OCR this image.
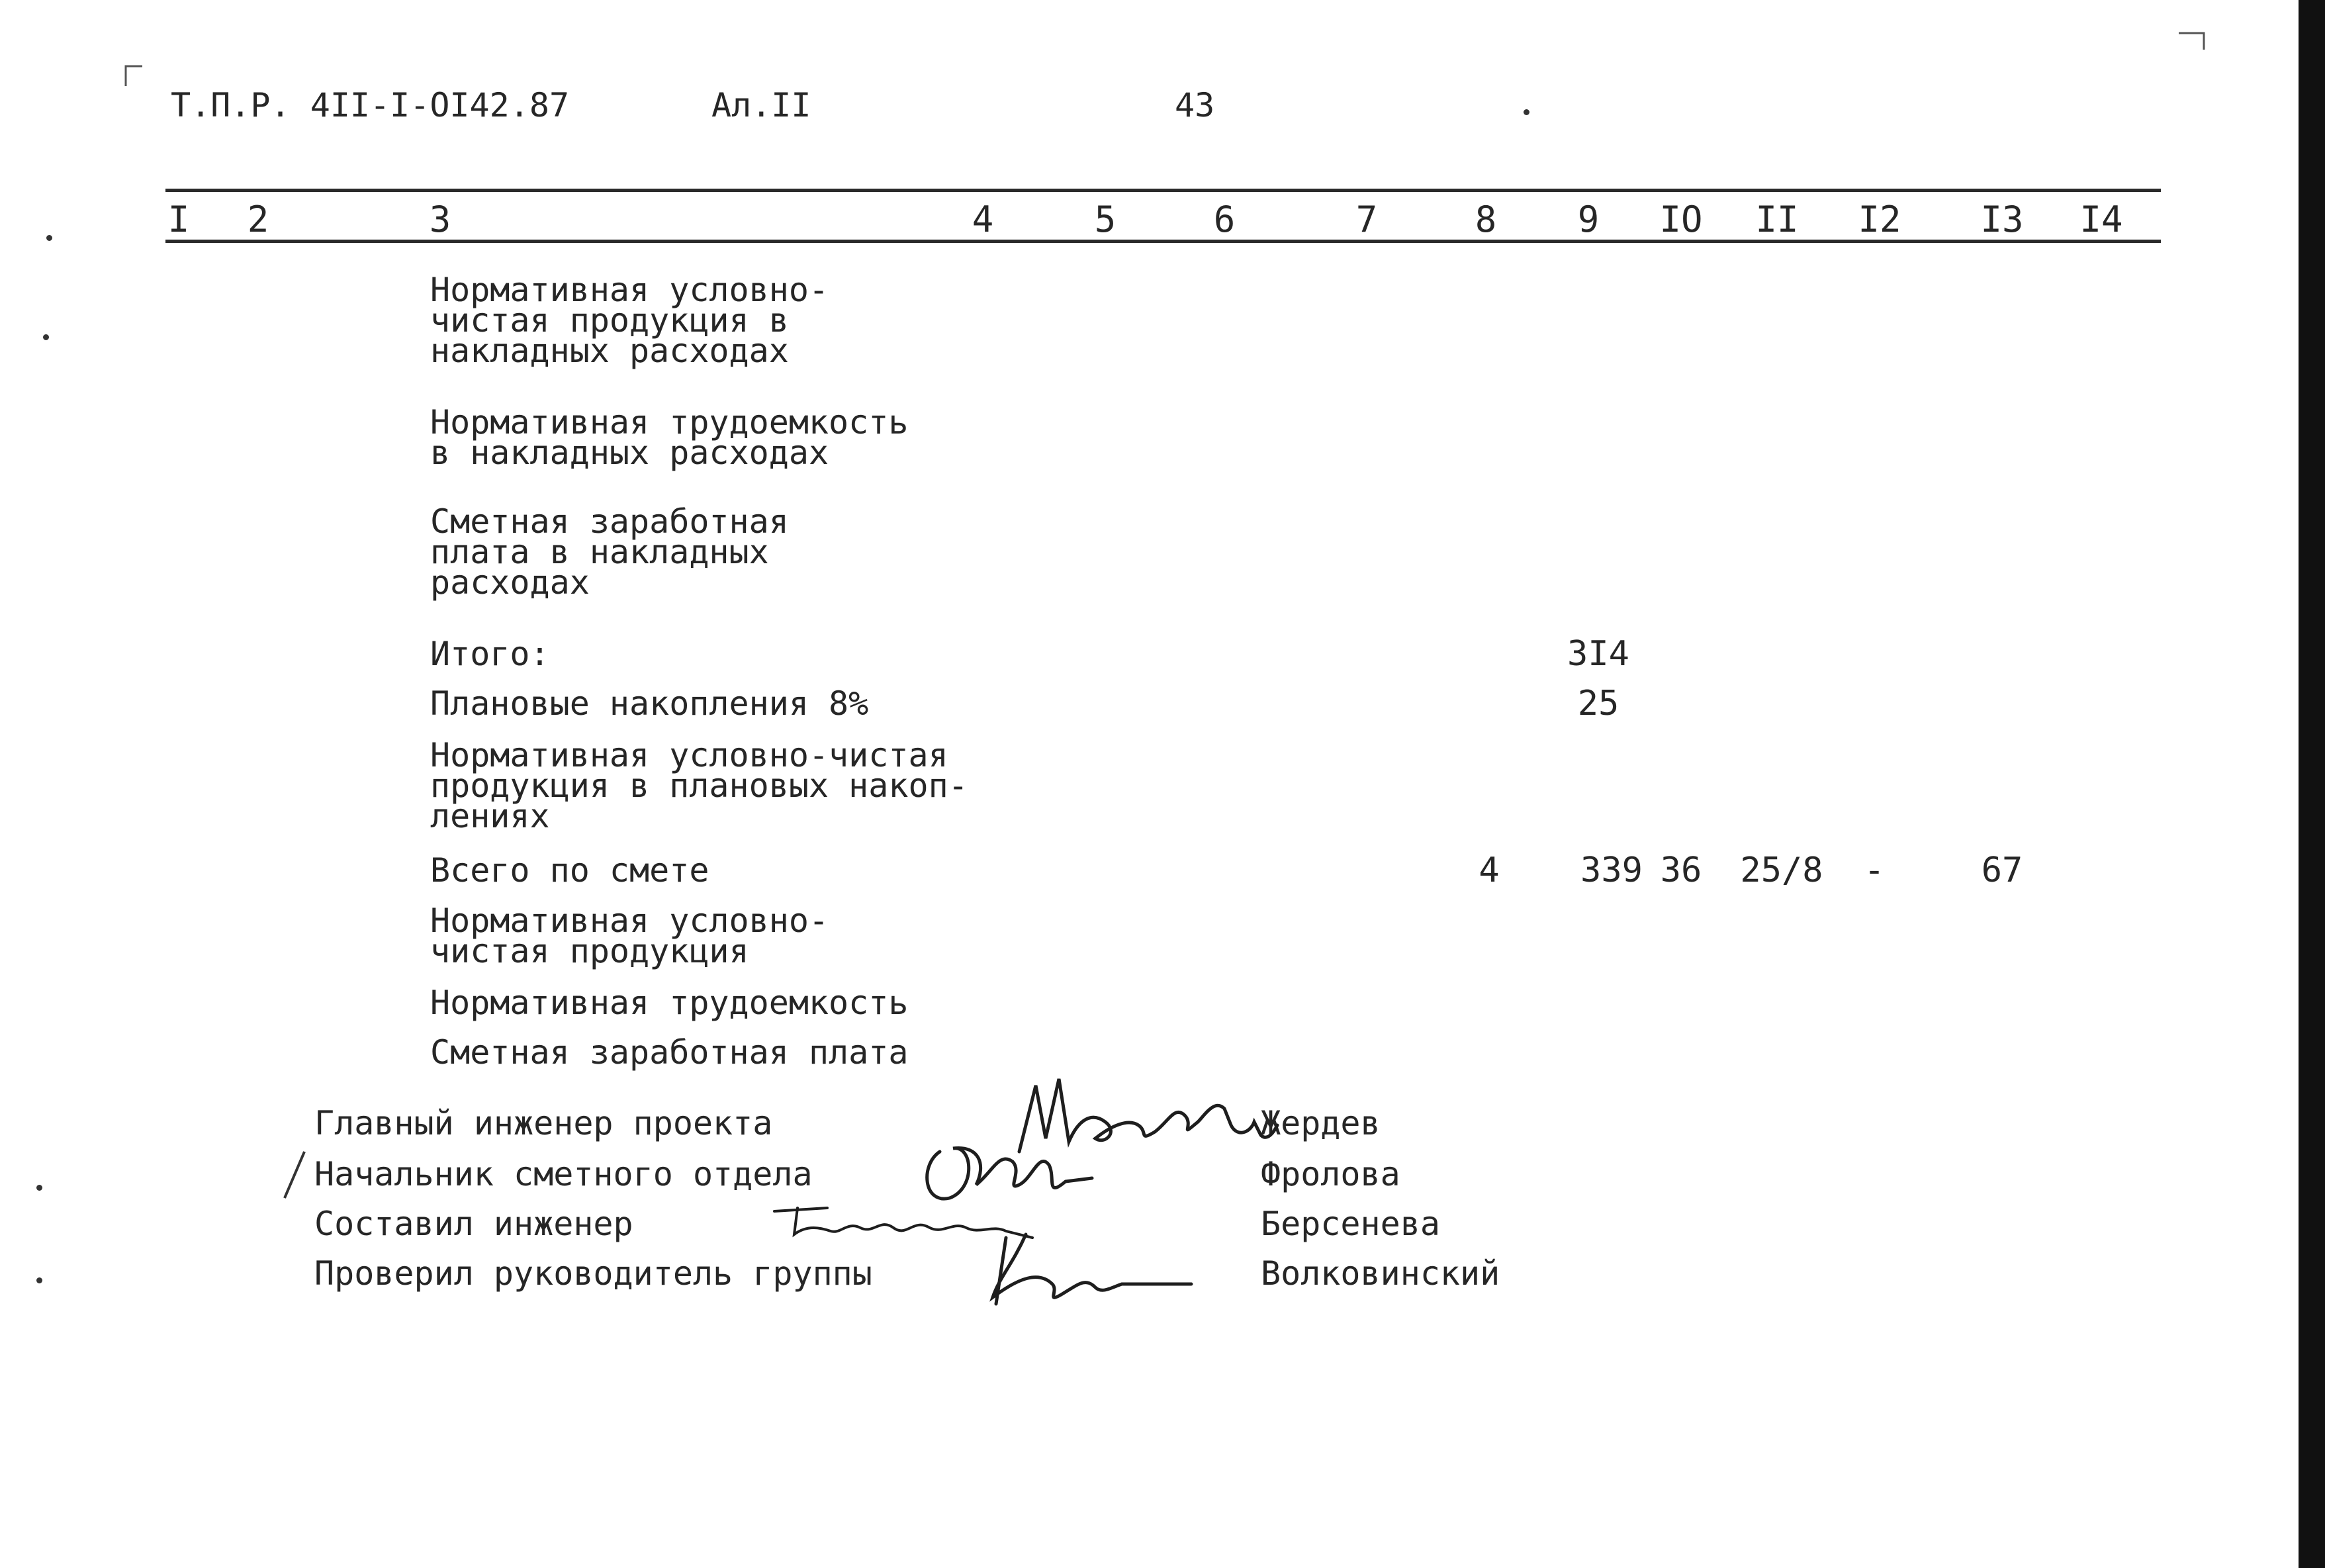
Т.П.Р. 4II-I-OI42.87	Ал.II	43
I 2	3	4	5	6	7	8 9 IO II I2 I3 I4
Нормативная условно-
чистая продукция в
накладных расходах
Нормативная трудоемкость
в накладных расходах
Сметная заработная
плата в накладных
расходах
Итого:	3I4
Плановые накопления 8%	25
Нормативная условно-чистая
продукция в плановых накоп-
лениях
Всего по смете	4 339 36 25/8 -	67
Нормативная условно-
чистая продукция
Нормативная трудоемкость
Сметная заработная плата
Главный инженер проекта	Жердев
Начальник сметного отдела	Фролова
Составил инженер	Берсенева
Проверил руководитель группы	Волковинский
